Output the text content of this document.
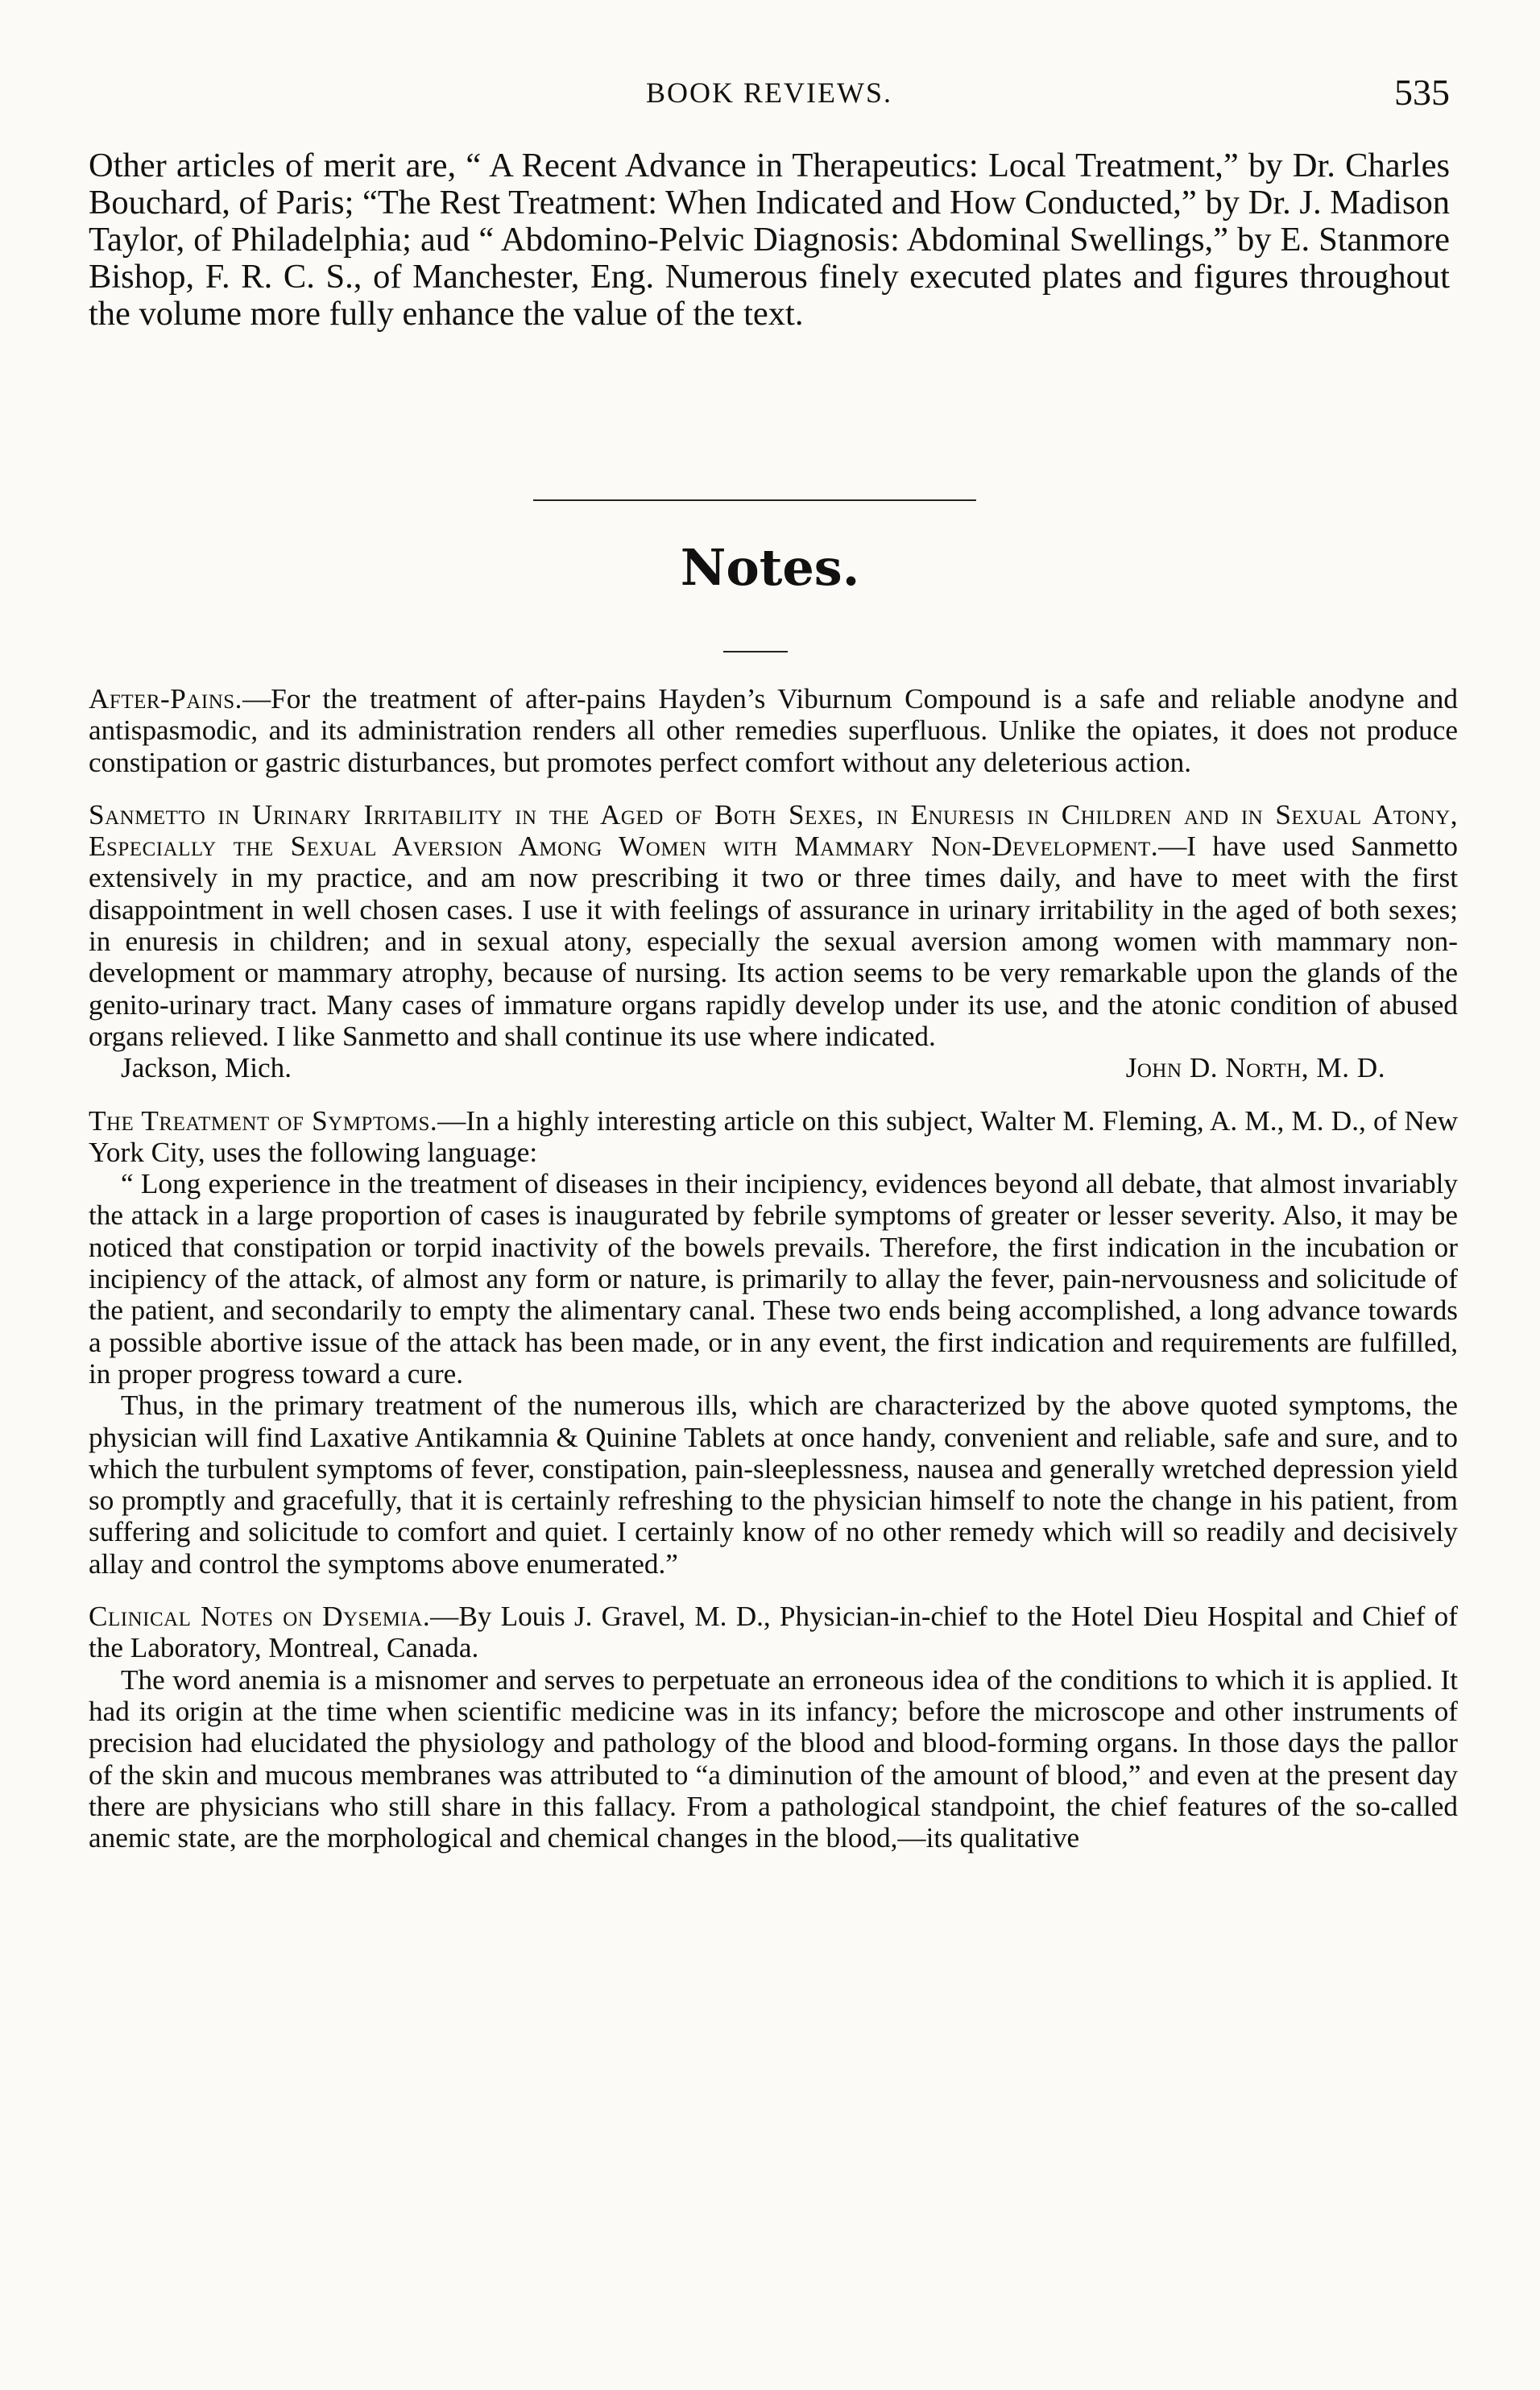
BOOK REVIEWS.	535

Other articles of merit are, “ A Recent Advance in Therapeutics: Local Treatment,” by Dr. Charles Bouchard, of Paris; “The Rest Treatment: When Indicated and How Conducted,” by Dr. J. Madison Taylor, of Philadelphia; aud “ Abdomino-Pelvic Diagnosis: Abdominal Swellings,” by E. Stanmore Bishop, F. R. C. S., of Manchester, Eng. Numerous finely executed plates and figures throughout the volume more fully enhance the value of the text.

Notes.

After-Pains.—For the treatment of after-pains Hayden’s Viburnum Compound is a safe and reliable anodyne and antispasmodic, and its administration renders all other remedies superfluous. Unlike the opiates, it does not produce constipation or gastric disturbances, but promotes perfect comfort without any deleterious action.

Sanmetto in Urinary Irritability in the Aged of Both Sexes, in Enuresis in Children and in Sexual Atony, Especially the Sexual Aversion Among Women with Mammary Non-Development.—I have used Sanmetto extensively in my practice, and am now prescribing it two or three times daily, and have to meet with the first disappointment in well chosen cases. I use it with feelings of assurance in urinary irritability in the aged of both sexes; in enuresis in children; and in sexual atony, especially the sexual aversion among women with mammary non-development or mammary atrophy, because of nursing. Its action seems to be very remarkable upon the glands of the genito-urinary tract. Many cases of immature organs rapidly develop under its use, and the atonic condition of abused organs relieved. I like Sanmetto and shall continue its use where indicated.

Jackson, Mich.	John D. North, M. D.

The Treatment of Symptoms.—In a highly interesting article on this subject, Walter M. Fleming, A. M., M. D., of New York City, uses the following language:

“ Long experience in the treatment of diseases in their incipiency, evidences beyond all debate, that almost invariably the attack in a large proportion of cases is inaugurated by febrile symptoms of greater or lesser severity. Also, it may be noticed that constipation or torpid inactivity of the bowels prevails. Therefore, the first indication in the incubation or incipiency of the attack, of almost any form or nature, is primarily to allay the fever, pain-nervousness and solicitude of the patient, and secondarily to empty the alimentary canal. These two ends being accomplished, a long advance towards a possible abortive issue of the attack has been made, or in any event, the first indication and requirements are fulfilled, in proper progress toward a cure.

Thus, in the primary treatment of the numerous ills, which are characterized by the above quoted symptoms, the physician will find Laxative Antikamnia & Quinine Tablets at once handy, convenient and reliable, safe and sure, and to which the turbulent symptoms of fever, constipation, pain-sleeplessness, nausea and generally wretched depression yield so promptly and gracefully, that it is certainly refreshing to the physician himself to note the change in his patient, from suffering and solicitude to comfort and quiet. I certainly know of no other remedy which will so readily and decisively allay and control the symptoms above enumerated.”

Clinical Notes on Dysemia.—By Louis J. Gravel, M. D., Physician-in-chief to the Hotel Dieu Hospital and Chief of the Laboratory, Montreal, Canada.

The word anemia is a misnomer and serves to perpetuate an erroneous idea of the conditions to which it is applied. It had its origin at the time when scientific medicine was in its infancy; before the microscope and other instruments of precision had elucidated the physiology and pathology of the blood and blood-forming organs. In those days the pallor of the skin and mucous membranes was attributed to “a diminution of the amount of blood,” and even at the present day there are physicians who still share in this fallacy. From a pathological standpoint, the chief features of the so-called anemic state, are the morphological and chemical changes in the blood,—its qualitative
